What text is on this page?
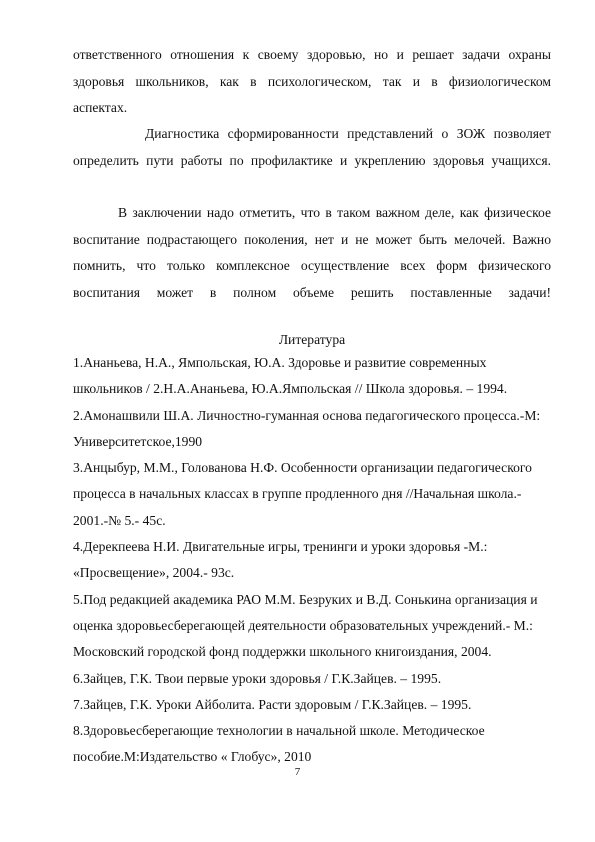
ответственного отношения к своему здоровью, но и решает задачи охраны
здоровья школьников, как в психологическом, так и в физиологическом
аспектах.

Диагностика сформированности представлений о ЗОЖ позволяет
определить пути работы по профилактике и укреплению здоровья учащихся.

В заключении надо отметить, что в таком важном деле, как физическое
воспитание подрастающего поколения, нет и не может быть мелочей. Важно
помнить, что только комплексное осуществление всех форм физического
воспитания может в полном объеме решить поставленные задачи!

Литература

1.Ананьева, Н.А., Ямпольская, Ю.А. Здоровье и развитие современных
школьников / 2.Н.А.Ананьева, Ю.А.Ямпольская // Школа здоровья. – 1994.
2.Амонашвили Ш.А. Личностно-гуманная основа педагогического процесса.-М:
Университетское,1990
3.Анцыбур, М.М., Голованова Н.Ф. Особенности организации педагогического
процесса в начальных классах в группе продленного дня //Начальная школа.-
2001.-№ 5.- 45с.
4.Дерекпеева Н.И. Двигательные игры, тренинги и уроки здоровья -М.:
«Просвещение», 2004.- 93с.
5.Под редакцией академика РАО М.М. Безруких и В.Д. Сонькина организация и
оценка здоровьесберегающей деятельности образовательных учреждений.- М.:
Московский городской фонд поддержки школьного книгоиздания, 2004.
6.Зайцев, Г.К. Твои первые уроки здоровья / Г.К.Зайцев. – 1995.
7.Зайцев, Г.К. Уроки Айболита. Расти здоровым / Г.К.Зайцев. – 1995.
8.Здоровьесберегающие технологии в начальной школе. Методическое
пособие.М:Издательство « Глобус», 2010
7
